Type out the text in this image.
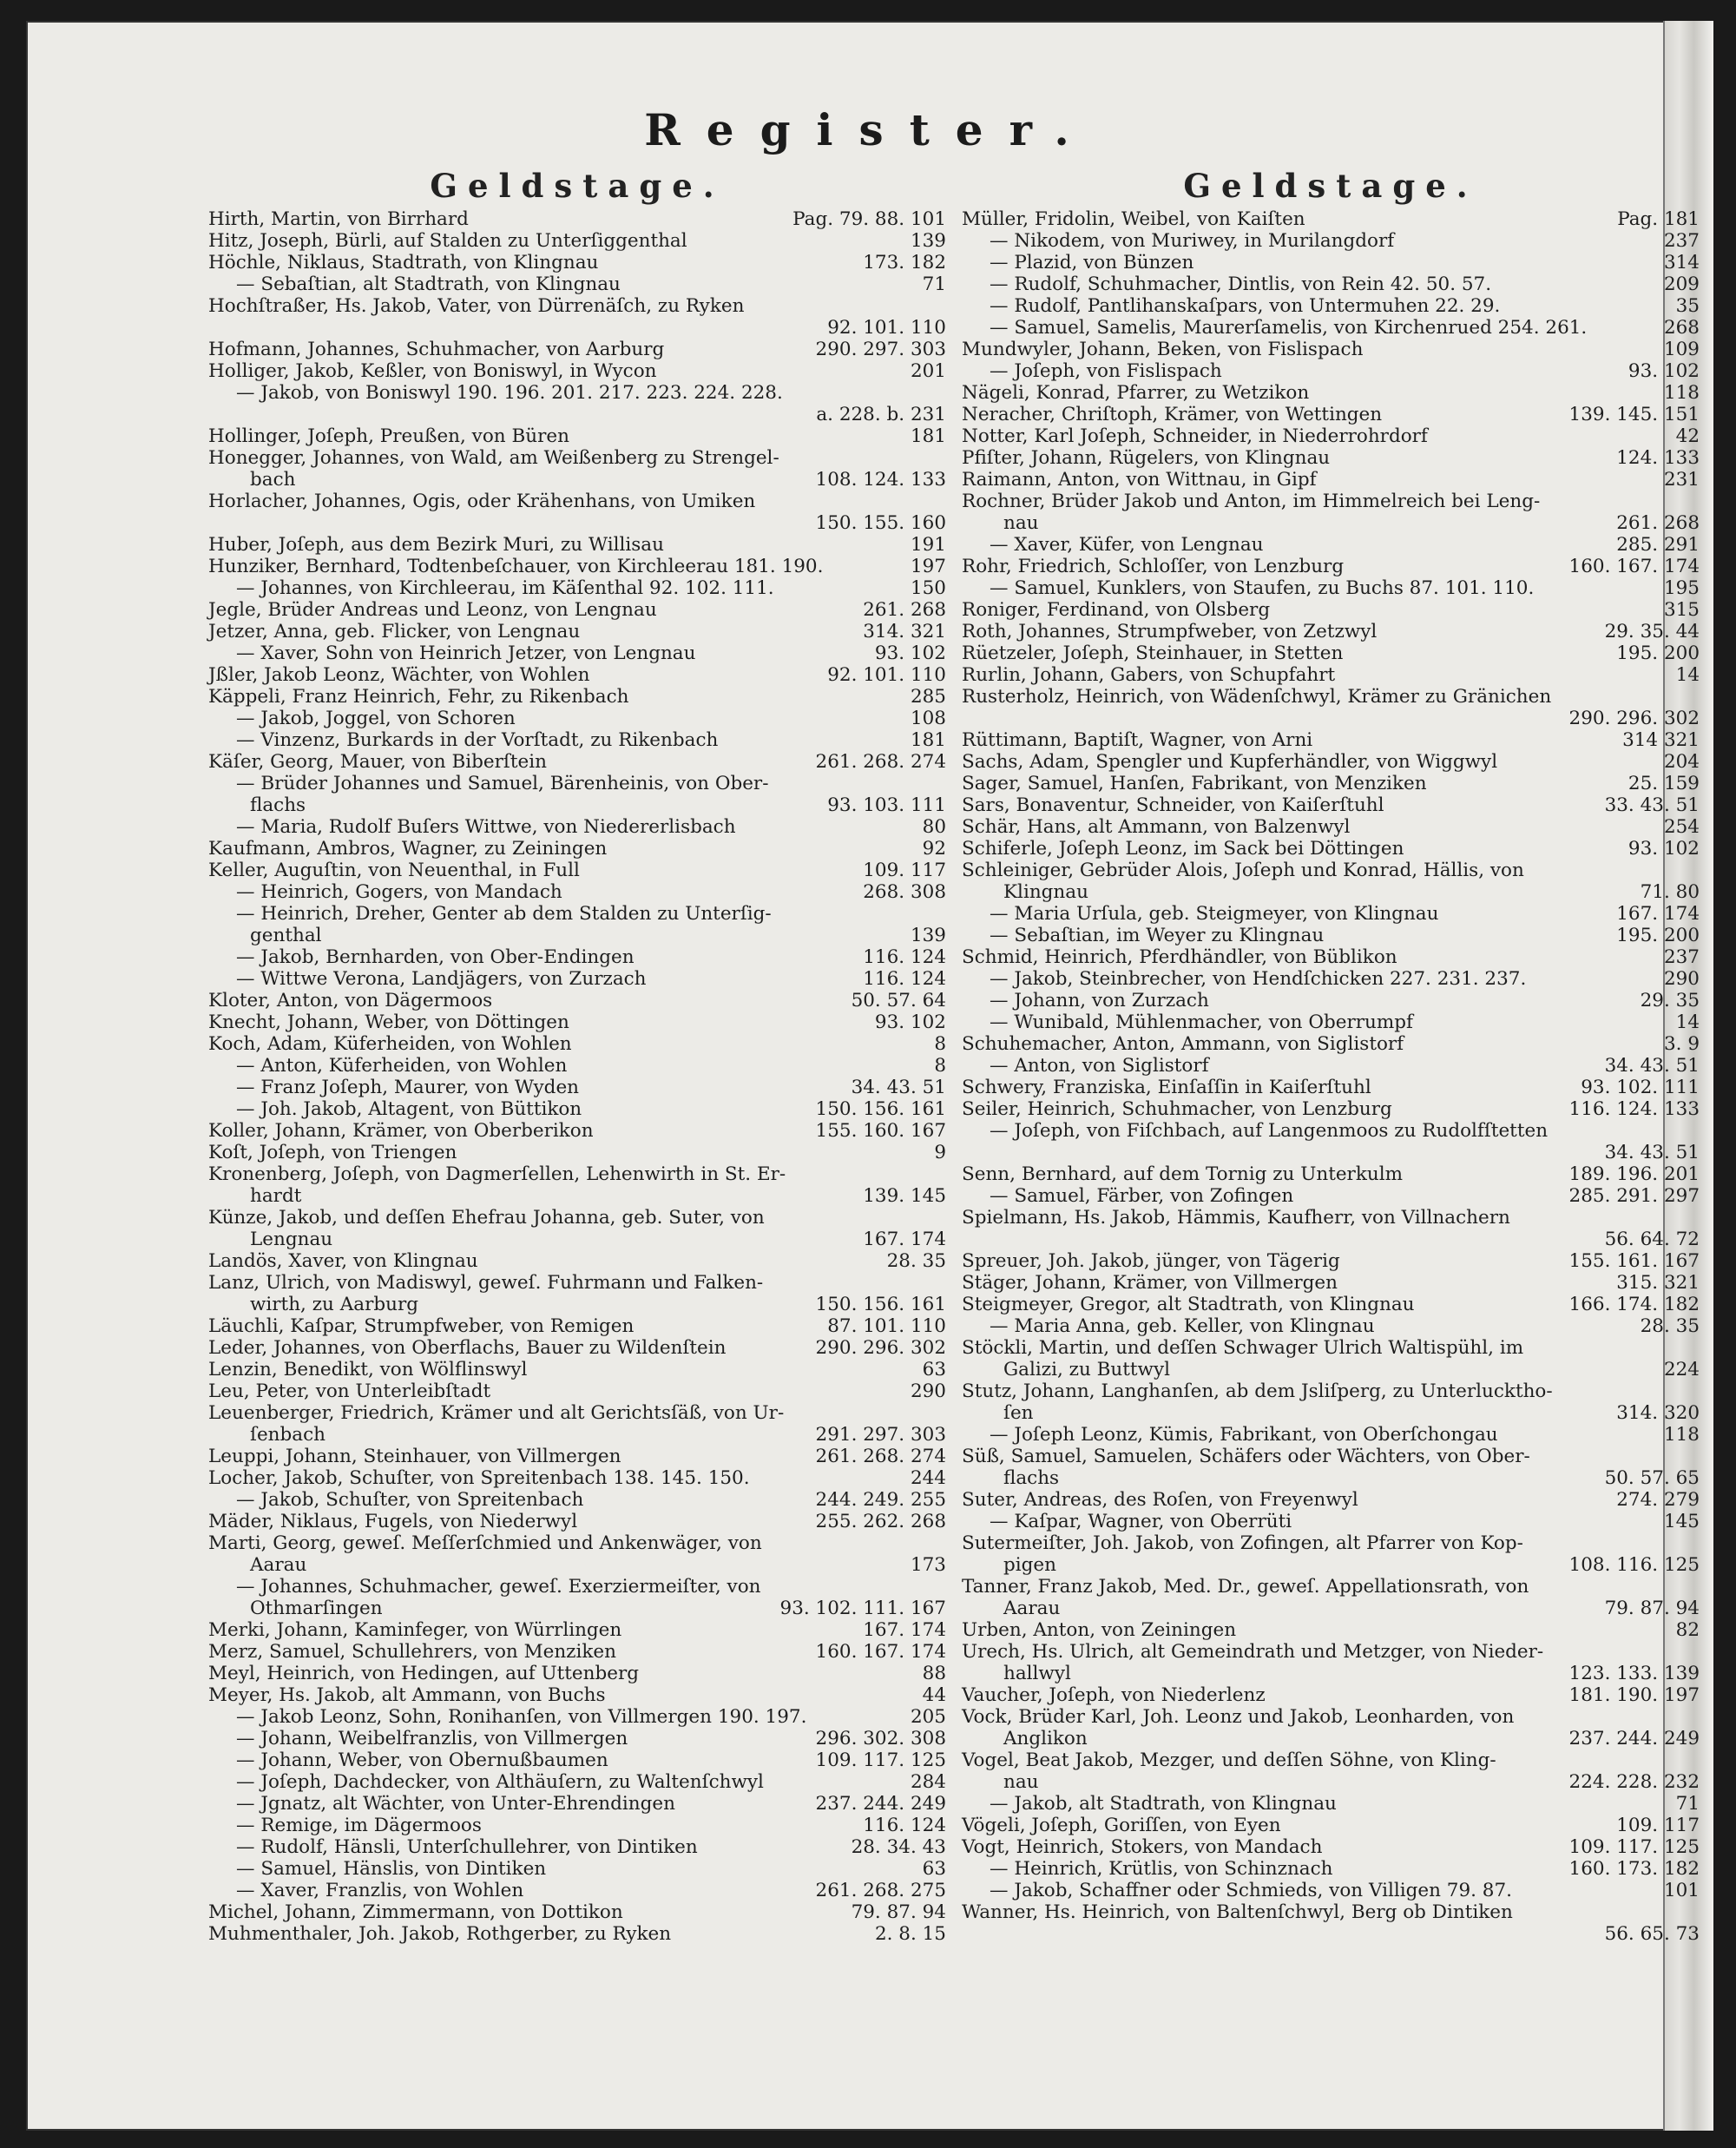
Register.
Geldstage.
Hirth, Martin, von Birrhard	Pag. 79. 88. 101
Hitz, Joseph, Bürli, auf Stalden zu Unterſiggenthal	139
Höchle, Niklaus, Stadtrath, von Klingnau	173. 182
— Sebaſtian, alt Stadtrath, von Klingnau	71
Hochſtraßer, Hs. Jakob, Vater, von Dürrenäſch, zu Ryken
92. 101. 110
Hofmann, Johannes, Schuhmacher, von Aarburg	290. 297. 303
Holliger, Jakob, Keßler, von Boniswyl, in Wycon	201
— Jakob, von Boniswyl 190. 196. 201. 217. 223. 224. 228.
a. 228. b. 231
Hollinger, Joſeph, Preußen, von Büren	181
Honegger, Johannes, von Wald, am Weißenberg zu Strengel-
bach	108. 124. 133
Horlacher, Johannes, Ogis, oder Krähenhans, von Umiken
150. 155. 160
Huber, Joſeph, aus dem Bezirk Muri, zu Willisau	191
Hunziker, Bernhard, Todtenbeſchauer, von Kirchleerau 181. 190.	197
— Johannes, von Kirchleerau, im Käſenthal 92. 102. 111.	150
Jegle, Brüder Andreas und Leonz, von Lengnau	261. 268
Jetzer, Anna, geb. Flicker, von Lengnau	314. 321
— Xaver, Sohn von Heinrich Jetzer, von Lengnau	93. 102
Jßler, Jakob Leonz, Wächter, von Wohlen	92. 101. 110
Käppeli, Franz Heinrich, Fehr, zu Rikenbach	285
— Jakob, Joggel, von Schoren	108
— Vinzenz, Burkards in der Vorſtadt, zu Rikenbach	181
Käſer, Georg, Mauer, von Biberſtein	261. 268. 274
— Brüder Johannes und Samuel, Bärenheinis, von Ober-
flachs	93. 103. 111
— Maria, Rudolf Buſers Wittwe, von Niedererlisbach	80
Kaufmann, Ambros, Wagner, zu Zeiningen	92
Keller, Auguſtin, von Neuenthal, in Full	109. 117
— Heinrich, Gogers, von Mandach	268. 308
— Heinrich, Dreher, Genter ab dem Stalden zu Unterſig-
genthal	139
— Jakob, Bernharden, von Ober-Endingen	116. 124
— Wittwe Verona, Landjägers, von Zurzach	116. 124
Kloter, Anton, von Dägermoos	50. 57. 64
Knecht, Johann, Weber, von Döttingen	93. 102
Koch, Adam, Küferheiden, von Wohlen	8
— Anton, Küferheiden, von Wohlen	8
— Franz Joſeph, Maurer, von Wyden	34. 43. 51
— Joh. Jakob, Altagent, von Büttikon	150. 156. 161
Koller, Johann, Krämer, von Oberberikon	155. 160. 167
Koſt, Joſeph, von Triengen	9
Kronenberg, Joſeph, von Dagmerſellen, Lehenwirth in St. Er-
hardt	139. 145
Künze, Jakob, und deſſen Ehefrau Johanna, geb. Suter, von
Lengnau	167. 174
Landös, Xaver, von Klingnau	28. 35
Lanz, Ulrich, von Madiswyl, geweſ. Fuhrmann und Falken-
wirth, zu Aarburg	150. 156. 161
Läuchli, Kaſpar, Strumpfweber, von Remigen	87. 101. 110
Leder, Johannes, von Oberflachs, Bauer zu Wildenſtein	290. 296. 302
Lenzin, Benedikt, von Wölflinswyl	63
Leu, Peter, von Unterleibſtadt	290
Leuenberger, Friedrich, Krämer und alt Gerichtsſäß, von Ur-
ſenbach	291. 297. 303
Leuppi, Johann, Steinhauer, von Villmergen	261. 268. 274
Locher, Jakob, Schuſter, von Spreitenbach 138. 145. 150.	244
— Jakob, Schuſter, von Spreitenbach	244. 249. 255
Mäder, Niklaus, Fugels, von Niederwyl	255. 262. 268
Marti, Georg, geweſ. Meſſerſchmied und Ankenwäger, von
Aarau	173
— Johannes, Schuhmacher, geweſ. Exerziermeiſter, von
Othmarſingen	93. 102. 111. 167
Merki, Johann, Kaminfeger, von Würrlingen	167. 174
Merz, Samuel, Schullehrers, von Menziken	160. 167. 174
Meyl, Heinrich, von Hedingen, auf Uttenberg	88
Meyer, Hs. Jakob, alt Ammann, von Buchs	44
— Jakob Leonz, Sohn, Ronihanſen, von Villmergen 190. 197.	205
— Johann, Weibelfranzlis, von Villmergen	296. 302. 308
— Johann, Weber, von Obernußbaumen	109. 117. 125
— Joſeph, Dachdecker, von Althäuſern, zu Waltenſchwyl	284
— Jgnatz, alt Wächter, von Unter-Ehrendingen	237. 244. 249
— Remige, im Dägermoos	116. 124
— Rudolf, Hänsli, Unterſchullehrer, von Dintiken	28. 34. 43
— Samuel, Hänslis, von Dintiken	63
— Xaver, Franzlis, von Wohlen	261. 268. 275
Michel, Johann, Zimmermann, von Dottikon	79. 87. 94
Muhmenthaler, Joh. Jakob, Rothgerber, zu Ryken	2. 8. 15
Geldstage.
Müller, Fridolin, Weibel, von Kaiſten	Pag. 181
— Nikodem, von Muriwey, in Murilangdorf	237
— Plazid, von Bünzen	314
— Rudolf, Schuhmacher, Dintlis, von Rein 42. 50. 57.	209
— Rudolf, Pantlihanskaſpars, von Untermuhen 22. 29.	35
— Samuel, Samelis, Maurerſamelis, von Kirchenrued 254. 261.	268
Mundwyler, Johann, Beken, von Fislispach	109
— Joſeph, von Fislispach	93. 102
Nägeli, Konrad, Pfarrer, zu Wetzikon	118
Neracher, Chriſtoph, Krämer, von Wettingen	139. 145. 151
Notter, Karl Joſeph, Schneider, in Niederrohrdorf	42
Pfiſter, Johann, Rügelers, von Klingnau	124. 133
Raimann, Anton, von Wittnau, in Gipf	231
Rochner, Brüder Jakob und Anton, im Himmelreich bei Leng-
nau	261. 268
— Xaver, Küfer, von Lengnau	285. 291
Rohr, Friedrich, Schloſſer, von Lenzburg	160. 167. 174
— Samuel, Kunklers, von Staufen, zu Buchs 87. 101. 110.	195
Roniger, Ferdinand, von Olsberg	315
Roth, Johannes, Strumpfweber, von Zetzwyl	29. 35. 44
Rüetzeler, Joſeph, Steinhauer, in Stetten	195. 200
Rurlin, Johann, Gabers, von Schupfahrt	14
Rusterholz, Heinrich, von Wädenſchwyl, Krämer zu Gränichen
290. 296. 302
Rüttimann, Baptiſt, Wagner, von Arni	314 321
Sachs, Adam, Spengler und Kupferhändler, von Wiggwyl	204
Sager, Samuel, Hanſen, Fabrikant, von Menziken	25. 159
Sars, Bonaventur, Schneider, von Kaiſerſtuhl	33. 43. 51
Schär, Hans, alt Ammann, von Balzenwyl	254
Schiferle, Joſeph Leonz, im Sack bei Döttingen	93. 102
Schleiniger, Gebrüder Alois, Joſeph und Konrad, Hällis, von
Klingnau	71. 80
— Maria Urſula, geb. Steigmeyer, von Klingnau	167. 174
— Sebaſtian, im Weyer zu Klingnau	195. 200
Schmid, Heinrich, Pferdhändler, von Büblikon	237
— Jakob, Steinbrecher, von Hendſchicken 227. 231. 237.	290
— Johann, von Zurzach	29. 35
— Wunibald, Mühlenmacher, von Oberrumpf	14
Schuhemacher, Anton, Ammann, von Siglistorf	3. 9
— Anton, von Siglistorf	34. 43. 51
Schwery, Franziska, Einſaſſin in Kaiſerſtuhl	93. 102. 111
Seiler, Heinrich, Schuhmacher, von Lenzburg	116. 124. 133
— Joſeph, von Fiſchbach, auf Langenmoos zu Rudolfſtetten
34. 43. 51
Senn, Bernhard, auf dem Tornig zu Unterkulm	189. 196. 201
— Samuel, Färber, von Zofingen	285. 291. 297
Spielmann, Hs. Jakob, Hämmis, Kaufherr, von Villnachern
56. 64. 72
Spreuer, Joh. Jakob, jünger, von Tägerig	155. 161. 167
Stäger, Johann, Krämer, von Villmergen	315. 321
Steigmeyer, Gregor, alt Stadtrath, von Klingnau	166. 174. 182
— Maria Anna, geb. Keller, von Klingnau	28. 35
Stöckli, Martin, und deſſen Schwager Ulrich Waltispühl, im
Galizi, zu Buttwyl	224
Stutz, Johann, Langhanſen, ab dem Jsliſperg, zu Unterlucktho-
ſen	314. 320
— Joſeph Leonz, Kümis, Fabrikant, von Oberſchongau	118
Süß, Samuel, Samuelen, Schäfers oder Wächters, von Ober-
flachs	50. 57. 65
Suter, Andreas, des Roſen, von Freyenwyl	274. 279
— Kaſpar, Wagner, von Oberrüti	145
Sutermeiſter, Joh. Jakob, von Zofingen, alt Pfarrer von Kop-
pigen	108. 116. 125
Tanner, Franz Jakob, Med. Dr., geweſ. Appellationsrath, von
Aarau	79. 87. 94
Urben, Anton, von Zeiningen	82
Urech, Hs. Ulrich, alt Gemeindrath und Metzger, von Nieder-
hallwyl	123. 133. 139
Vaucher, Joſeph, von Niederlenz	181. 190. 197
Vock, Brüder Karl, Joh. Leonz und Jakob, Leonharden, von
Anglikon	237. 244. 249
Vogel, Beat Jakob, Mezger, und deſſen Söhne, von Kling-
nau	224. 228. 232
— Jakob, alt Stadtrath, von Klingnau	71
Vögeli, Joſeph, Goriſſen, von Eyen	109. 117
Vogt, Heinrich, Stokers, von Mandach	109. 117. 125
— Heinrich, Krütlis, von Schinznach	160. 173. 182
— Jakob, Schaffner oder Schmieds, von Villigen 79. 87.	101
Wanner, Hs. Heinrich, von Baltenſchwyl, Berg ob Dintiken
56. 65. 73
